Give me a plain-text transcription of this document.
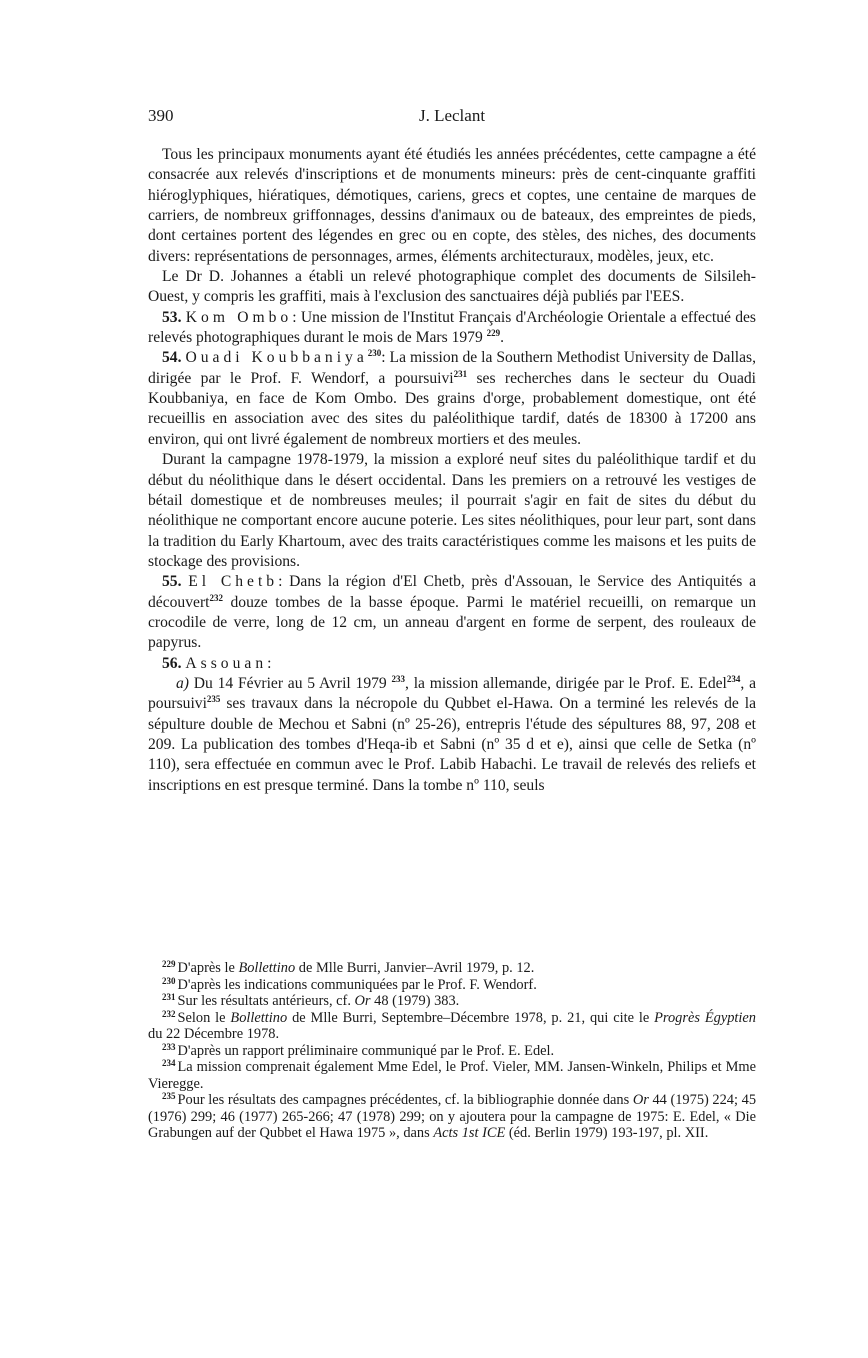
390	J. Leclant

Tous les principaux monuments ayant été étudiés les années précédentes, cette campagne a été consacrée aux relevés d'inscriptions et de monuments mineurs: près de cent-cinquante graffiti hiéroglyphiques, hiératiques, démotiques, cariens, grecs et coptes, une centaine de marques de carriers, de nombreux griffonnages, dessins d'animaux ou de bateaux, des empreintes de pieds, dont certaines portent des légendes en grec ou en copte, des stèles, des niches, des documents divers: représentations de personnages, armes, éléments architecturaux, modèles, jeux, etc.

Le Dr D. Johannes a établi un relevé photographique complet des documents de Silsileh-Ouest, y compris les graffiti, mais à l'exclusion des sanctuaires déjà publiés par l'EES.

53. Kom Ombo: Une mission de l'Institut Français d'Archéologie Orientale a effectué des relevés photographiques durant le mois de Mars 1979 $^{229}$.

54. Ouadi Koubbaniya$^{230}$: La mission de la Southern Methodist University de Dallas, dirigée par le Prof. F. Wendorf, a poursuivi$^{231}$ ses recherches dans le secteur du Ouadi Koubbaniya, en face de Kom Ombo. Des grains d'orge, probablement domestique, ont été recueillis en association avec des sites du paléolithique tardif, datés de 18300 à 17200 ans environ, qui ont livré également de nombreux mortiers et des meules.

Durant la campagne 1978-1979, la mission a exploré neuf sites du paléolithique tardif et du début du néolithique dans le désert occidental. Dans les premiers on a retrouvé les vestiges de bétail domestique et de nombreuses meules; il pourrait s'agir en fait de sites du début du néolithique ne comportant encore aucune poterie. Les sites néolithiques, pour leur part, sont dans la tradition du Early Khartoum, avec des traits caractéristiques comme les maisons et les puits de stockage des provisions.

55. El Chetb: Dans la région d'El Chetb, près d'Assouan, le Service des Antiquités a découvert$^{232}$ douze tombes de la basse époque. Parmi le matériel recueilli, on remarque un crocodile de verre, long de 12 cm, un anneau d'argent en forme de serpent, des rouleaux de papyrus.

56. Assouan:

a) Du 14 Février au 5 Avril 1979 $^{233}$, la mission allemande, dirigée par le Prof. E. Edel$^{234}$, a poursuivi$^{235}$ ses travaux dans la nécropole du Qubbet el-Hawa. On a terminé les relevés de la sépulture double de Mechou et Sabni (nº 25-26), entrepris l'étude des sépultures 88, 97, 208 et 209. La publication des tombes d'Heqa-ib et Sabni (nº 35 d et e), ainsi que celle de Setka (nº 110), sera effectuée en commun avec le Prof. Labib Habachi. Le travail de relevés des reliefs et inscriptions en est presque terminé. Dans la tombe nº 110, seuls

$^{229}$ D'après le Bollettino de Mlle Burri, Janvier–Avril 1979, p. 12.

$^{230}$ D'après les indications communiquées par le Prof. F. Wendorf.

$^{231}$ Sur les résultats antérieurs, cf. Or 48 (1979) 383.

$^{232}$ Selon le Bollettino de Mlle Burri, Septembre–Décembre 1978, p. 21, qui cite le Progrès Égyptien du 22 Décembre 1978.

$^{233}$ D'après un rapport préliminaire communiqué par le Prof. E. Edel.

$^{234}$ La mission comprenait également Mme Edel, le Prof. Vieler, MM. Jansen-Winkeln, Philips et Mme Vieregge.

$^{235}$ Pour les résultats des campagnes précédentes, cf. la bibliographie donnée dans Or 44 (1975) 224; 45 (1976) 299; 46 (1977) 265-266; 47 (1978) 299; on y ajoutera pour la campagne de 1975: E. Edel, « Die Grabungen auf der Qubbet el Hawa 1975 », dans Acts 1st ICE (éd. Berlin 1979) 193-197, pl. XII.
